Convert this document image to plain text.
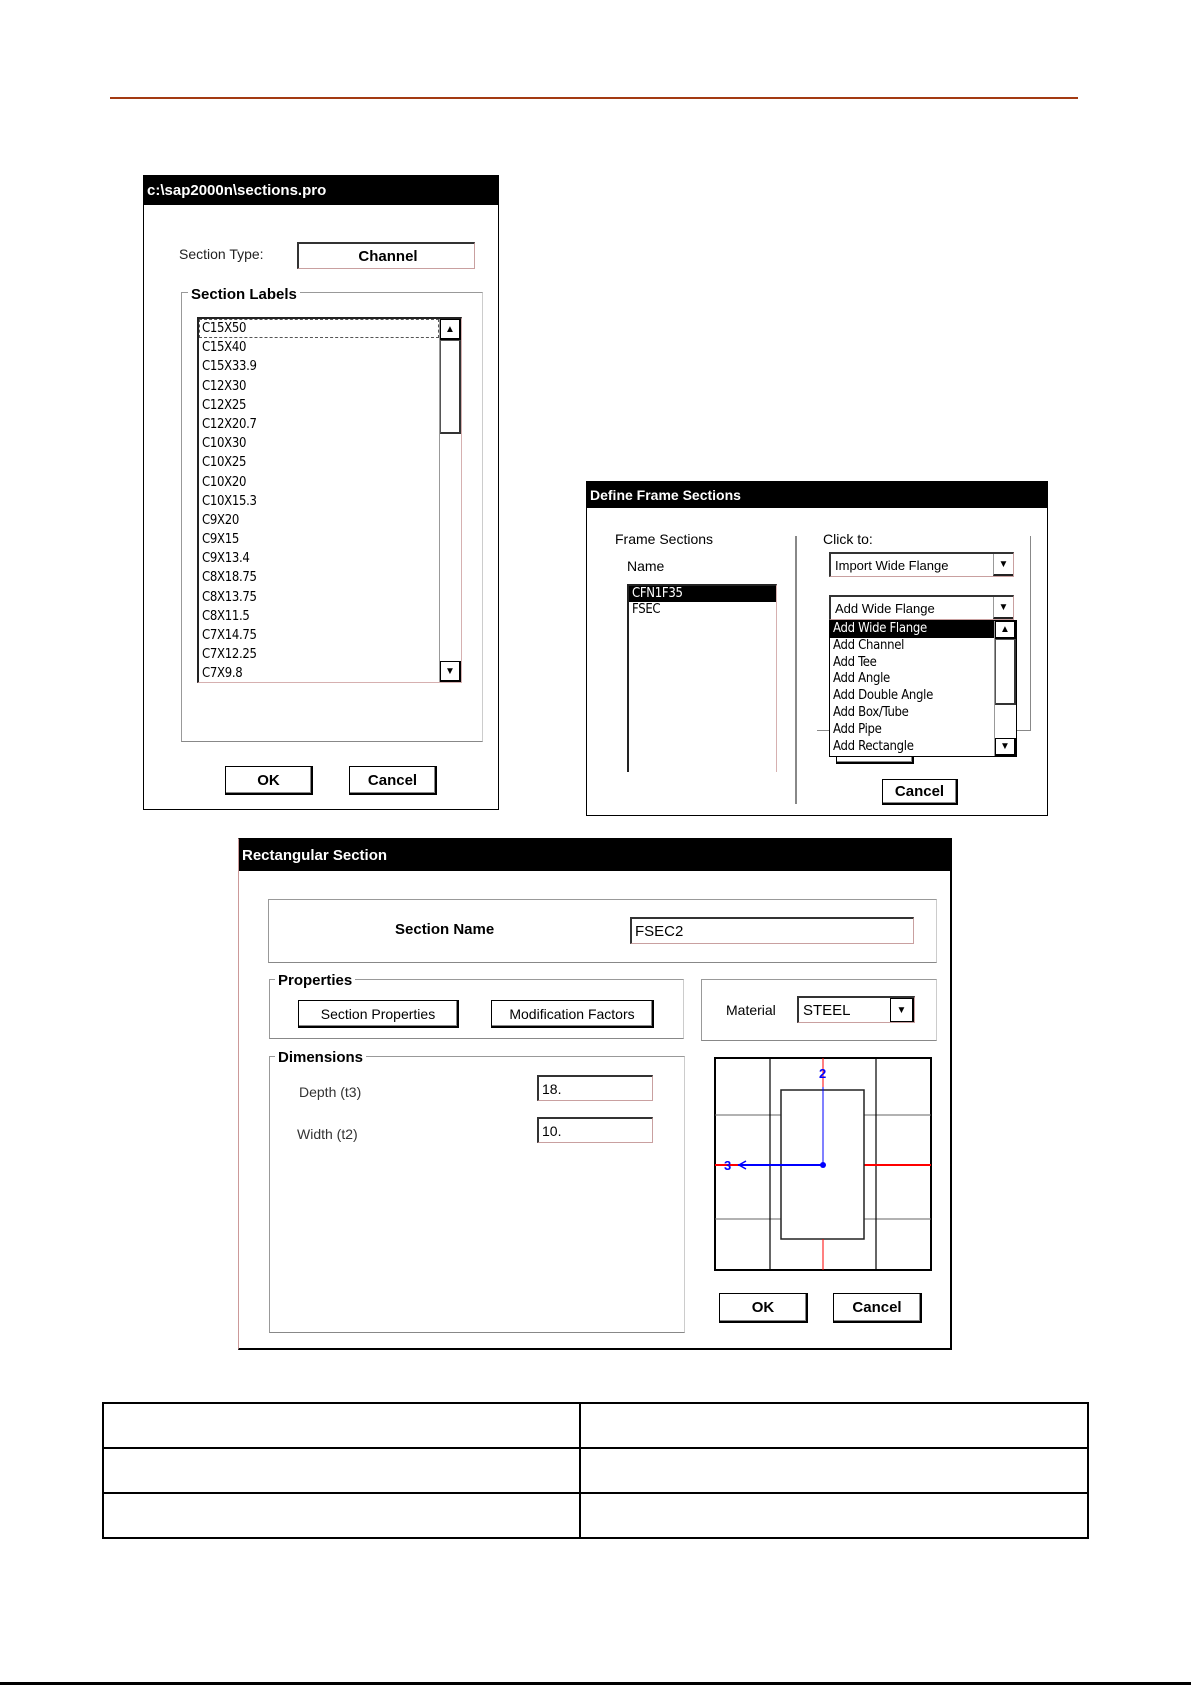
c:\sap2000n\sections.pro
Section Type:	Channel
Section Labels
C15X50
C15X40
C15X33.9
C12X30
C12X25
C12X20.7
C10X30
C10X25
C10X20
C10X15.3
C9X20
C9X15
C9X13.4
C8X18.75
C8X13.75
C8X11.5
C7X14.75
C7X12.25
C7X9.8
▲
▼
OK	Cancel
Define Frame Sections
Frame Sections
Name
CFN1F35
FSEC
Click to:
Import Wide Flange	▼
Add Wide Flange	▼
Add Wide Flange
Add Channel
Add Tee
Add Angle
Add Double Angle
Add Box/Tube
Add Pipe
Add Rectangle
▲
▼
Cancel
Rectangular Section
Section Name	FSEC2
Properties
Section Properties	Modification Factors	Material STEEL	▼
Dimensions
Depth (t3)	18.
Width (t2)	10.
2
3
OK	Cancel
